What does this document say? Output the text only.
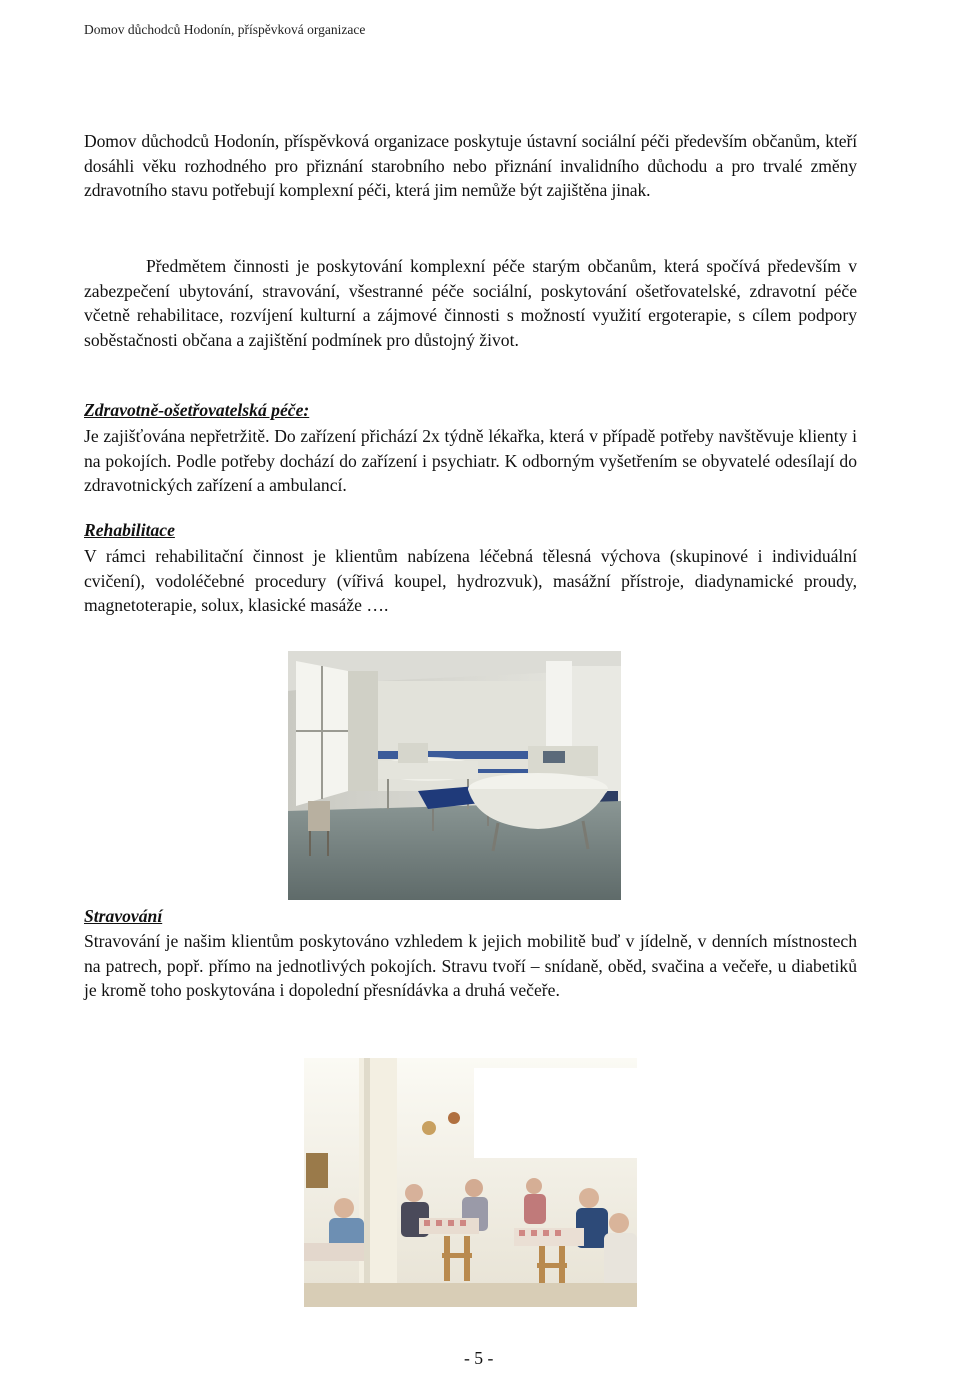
Domov důchodců Hodonín, příspěvková organizace

Domov důchodců Hodonín, příspěvková organizace poskytuje ústavní sociální péči především občanům, kteří dosáhli věku rozhodného pro přiznání starobního nebo přiznání invalidního důchodu a pro trvalé změny zdravotního stavu potřebují komplexní péči, která jim nemůže být zajištěna jinak.

Předmětem činnosti je poskytování komplexní péče starým občanům, která spočívá především v zabezpečení ubytování, stravování, všestranné péče sociální, poskytování ošetřovatelské, zdravotní péče včetně rehabilitace, rozvíjení kulturní a zájmové činnosti s možností využití ergoterapie, s cílem podpory soběstačnosti občana a zajištění podmínek pro důstojný život.

Zdravotně-ošetřovatelská péče:

Je zajišťována nepřetržitě. Do zařízení přichází 2x týdně lékařka, která v případě potřeby navštěvuje klienty i na pokojích. Podle potřeby dochází do zařízení i psychiatr. K odborným vyšetřením se obyvatelé odesílají do zdravotnických zařízení a ambulancí.

Rehabilitace

V rámci rehabilitační činnost je klientům nabízena léčebná tělesná výchova (skupinové i individuální cvičení), vodoléčebné procedury (vířivá koupel, hydrozvuk), masážní přístroje, diadynamické proudy, magnetoterapie, solux, klasické masáže ….

Stravování

Stravování je našim klientům poskytováno vzhledem k jejich mobilitě buď v jídelně, v denních místnostech na patrech, popř. přímo na jednotlivých pokojích. Stravu tvoří – snídaně, oběd, svačina a večeře, u diabetiků je kromě toho poskytována i dopolední přesnídávka a druhá večeře.

- 5 -
